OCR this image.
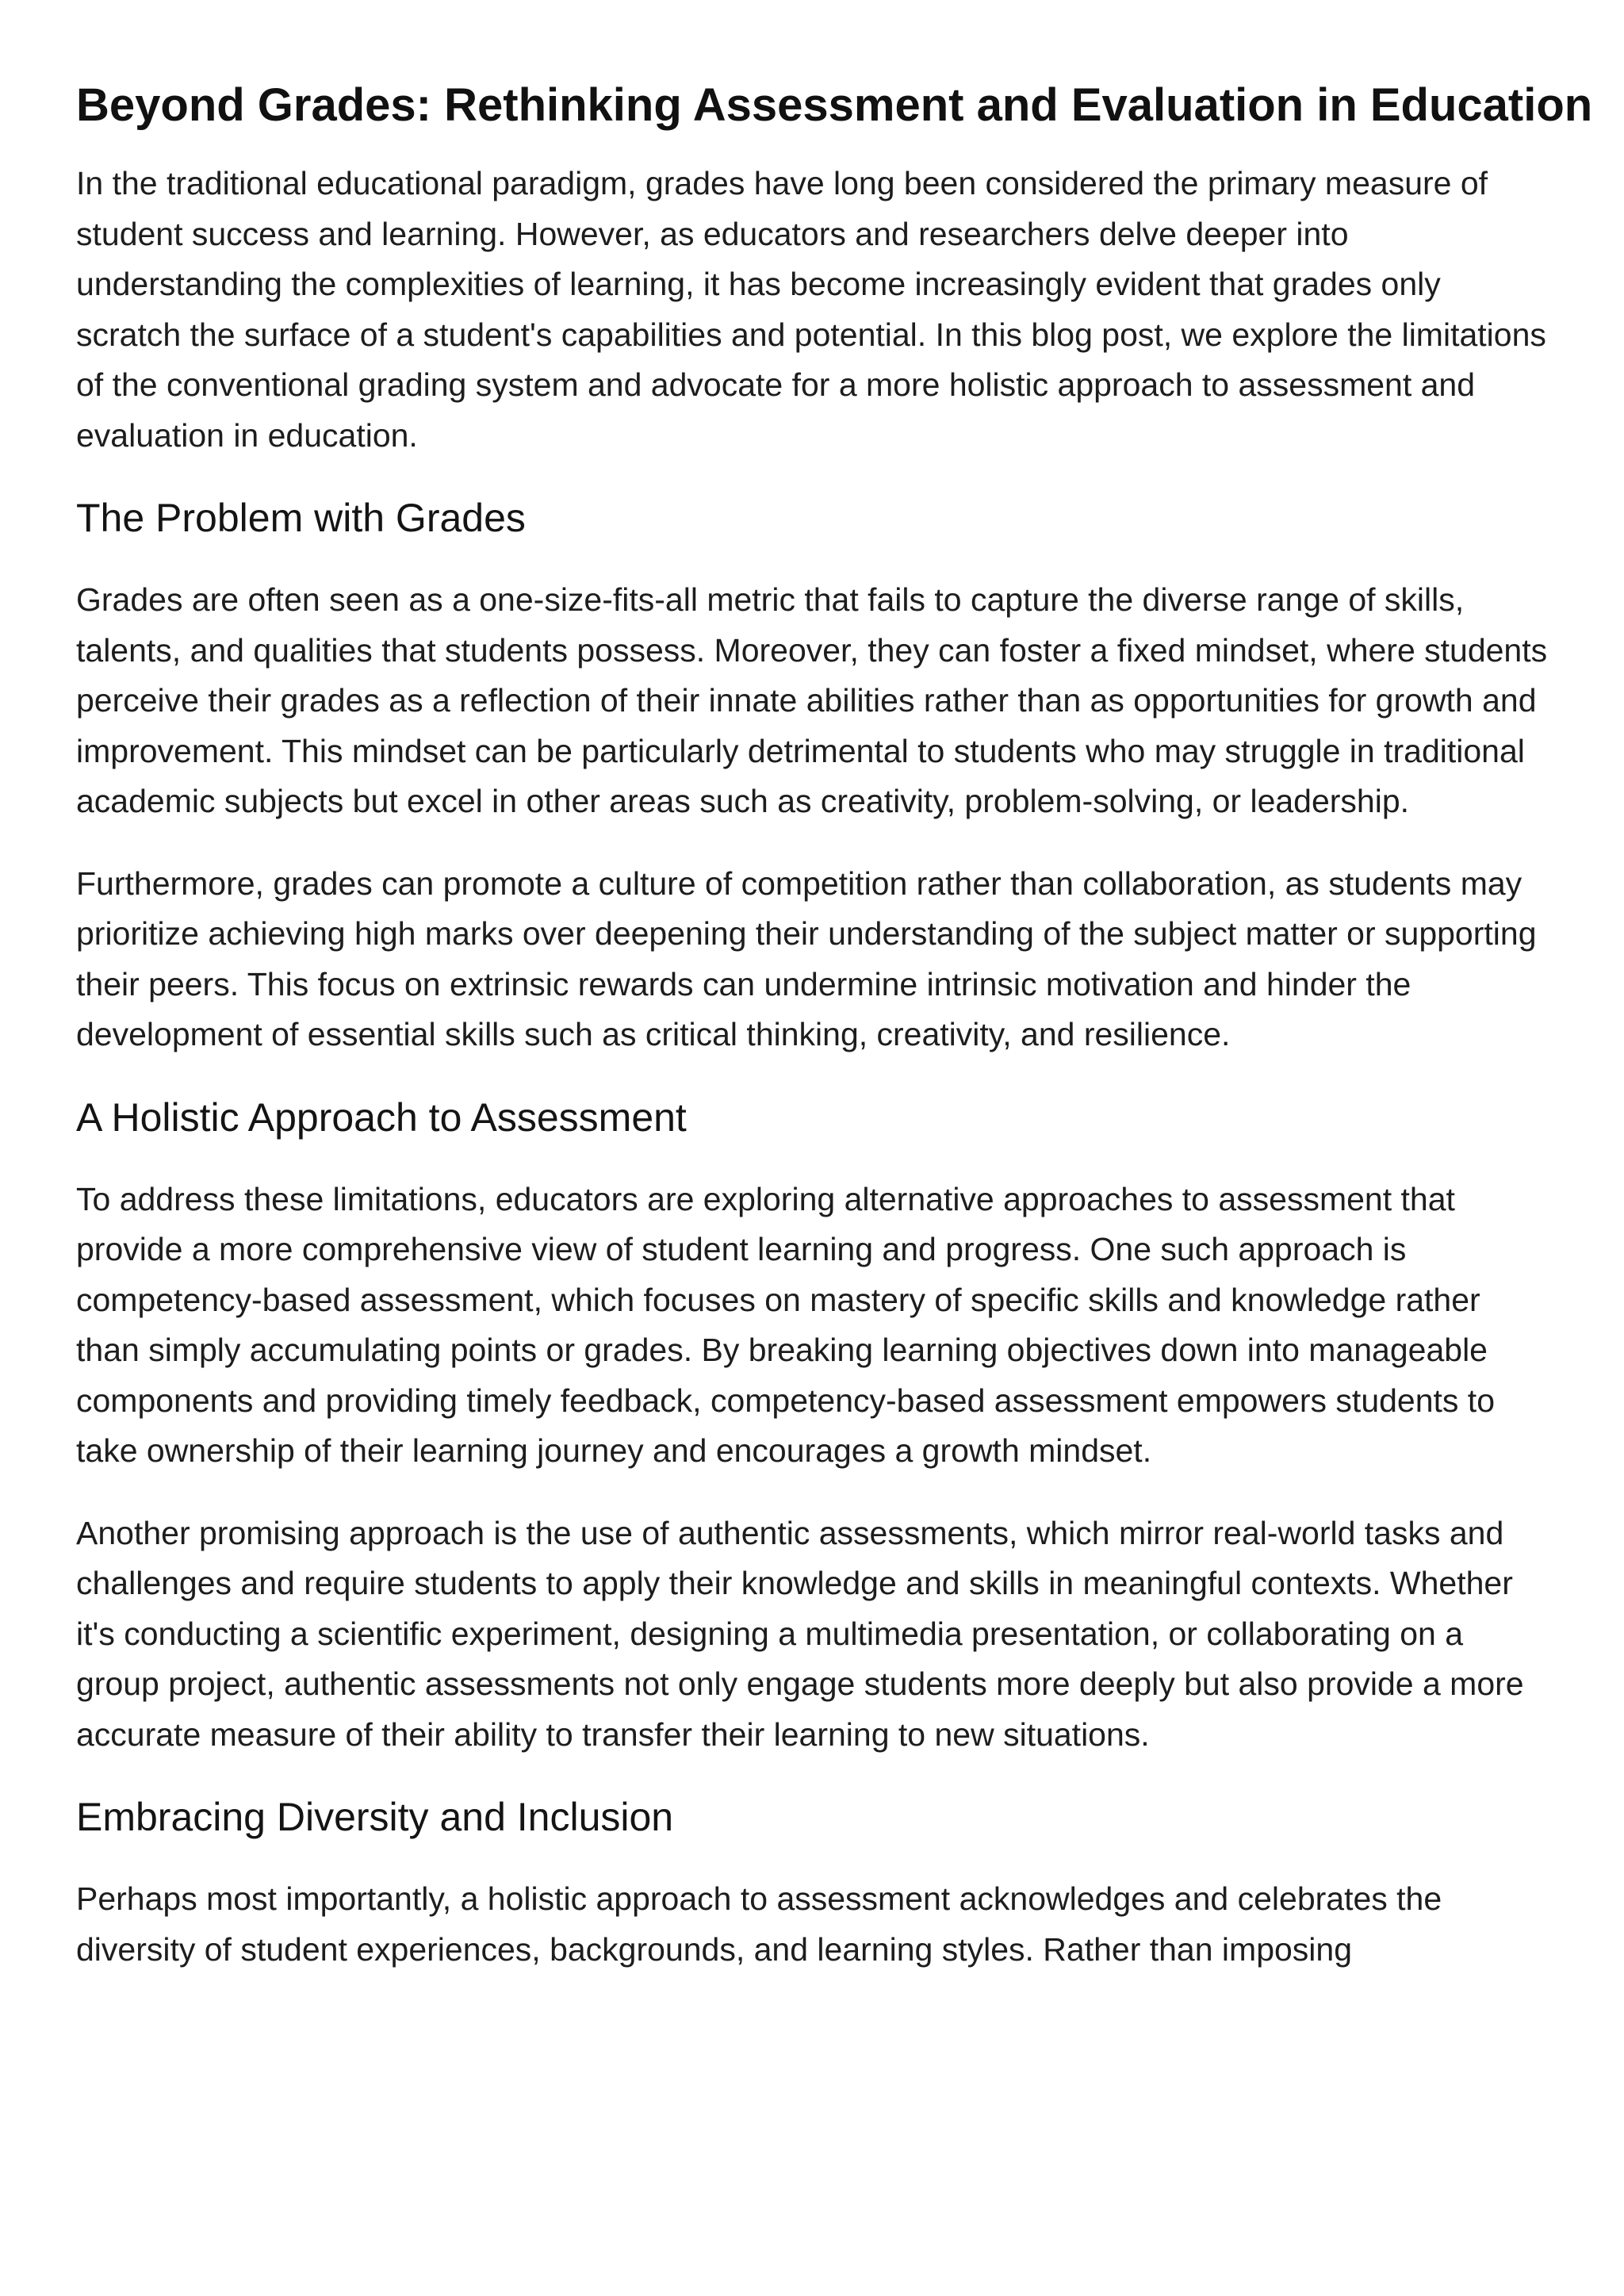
Beyond Grades: Rethinking Assessment and Evaluation in Education

In the traditional educational paradigm, grades have long been considered the primary measure of student success and learning. However, as educators and researchers delve deeper into understanding the complexities of learning, it has become increasingly evident that grades only scratch the surface of a student's capabilities and potential. In this blog post, we explore the limitations of the conventional grading system and advocate for a more holistic approach to assessment and evaluation in education.

The Problem with Grades

Grades are often seen as a one-size-fits-all metric that fails to capture the diverse range of skills, talents, and qualities that students possess. Moreover, they can foster a fixed mindset, where students perceive their grades as a reflection of their innate abilities rather than as opportunities for growth and improvement. This mindset can be particularly detrimental to students who may struggle in traditional academic subjects but excel in other areas such as creativity, problem-solving, or leadership.

Furthermore, grades can promote a culture of competition rather than collaboration, as students may prioritize achieving high marks over deepening their understanding of the subject matter or supporting their peers. This focus on extrinsic rewards can undermine intrinsic motivation and hinder the development of essential skills such as critical thinking, creativity, and resilience.

A Holistic Approach to Assessment

To address these limitations, educators are exploring alternative approaches to assessment that provide a more comprehensive view of student learning and progress. One such approach is competency-based assessment, which focuses on mastery of specific skills and knowledge rather than simply accumulating points or grades. By breaking learning objectives down into manageable components and providing timely feedback, competency-based assessment empowers students to take ownership of their learning journey and encourages a growth mindset.

Another promising approach is the use of authentic assessments, which mirror real-world tasks and challenges and require students to apply their knowledge and skills in meaningful contexts. Whether it's conducting a scientific experiment, designing a multimedia presentation, or collaborating on a group project, authentic assessments not only engage students more deeply but also provide a more accurate measure of their ability to transfer their learning to new situations.

Embracing Diversity and Inclusion

Perhaps most importantly, a holistic approach to assessment acknowledges and celebrates the diversity of student experiences, backgrounds, and learning styles. Rather than imposing
